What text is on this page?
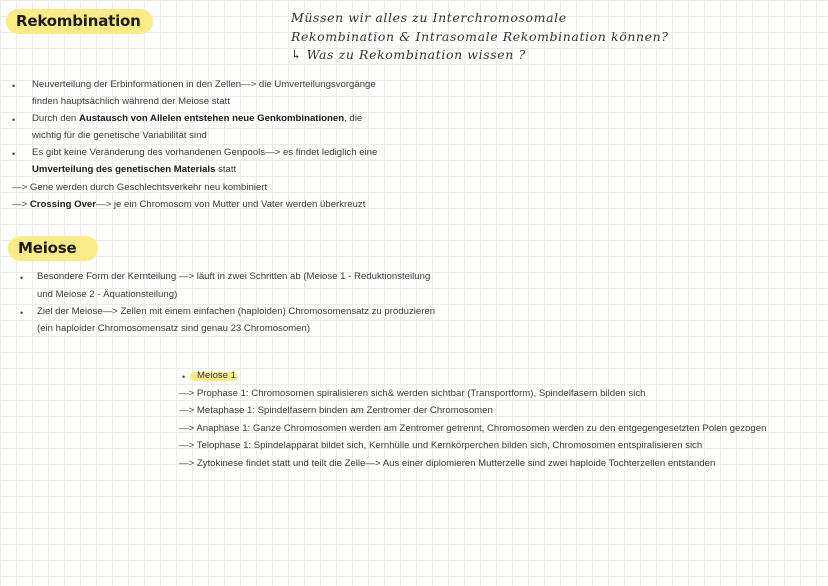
Rekombination	Müssen wir alles zu Interchromosomale
Rekombination & Intrasomale Rekombination können?
↳ Was zu Rekombination wissen ?
• Neuverteilung der Erbinformationen in den Zellen—> die Umverteilungsvorgänge
finden hauptsächlich während der Meiose statt
• Durch den Austausch von Allelen entstehen neue Genkombinationen, die
wichtig für die genetische Variabilität sind
• Es gibt keine Veränderung des vorhandenen Genpools—> es findet lediglich eine
Umverteilung des genetischen Materials statt
—> Gene werden durch Geschlechtsverkehr neu kombiniert
—> Crossing Over—> je ein Chromosom von Mutter und Vater werden überkreuzt
Meiose
• Besondere Form der Kernteilung —> läuft in zwei Schritten ab (Meiose 1 - Reduktionsteilung
und Meiose 2 - Äquationsteilung)
• Ziel der Meiose—> Zellen mit einem einfachen (haploiden) Chromosomensatz zu produzieren
(ein haploider Chromosomensatz sind genau 23 Chromosomen)
• Meiose 1
—> Prophase 1: Chromosomen spiralisieren sich& werden sichtbar (Transportform), Spindelfasern bilden sich
—> Metaphase 1: Spindelfasern binden am Zentromer der Chromosomen
—> Anaphase 1: Ganze Chromosomen werden am Zentromer getrennt, Chromosomen werden zu den entgegengesetzten Polen gezogen
—> Telophase 1: Spindelapparat bildet sich, Kernhülle und Kernkörperchen bilden sich, Chromosomen entspiralisieren sich
—> Zytokinese findet statt und teilt die Zelle—> Aus einer diplomieren Mutterzelle sind zwei haploide Tochterzellen entstanden
